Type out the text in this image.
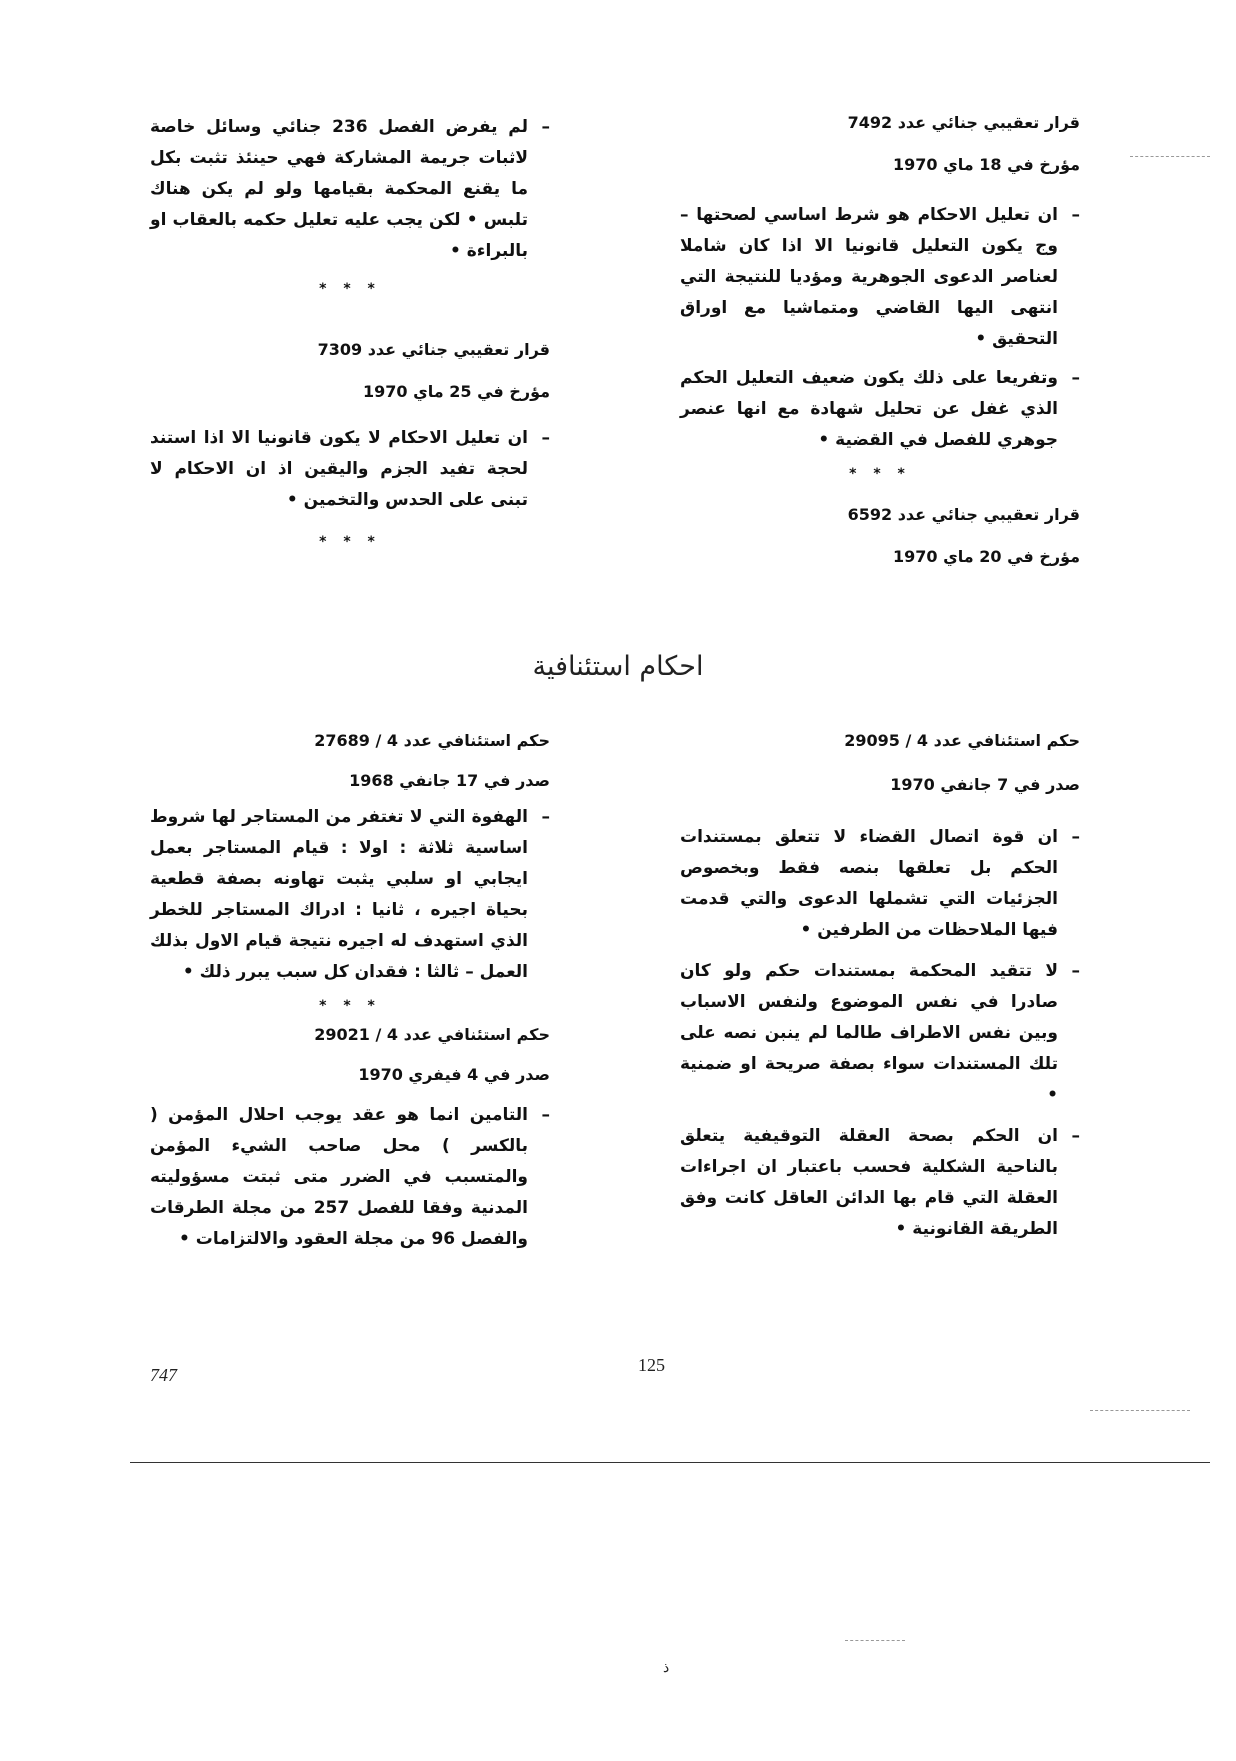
قرار تعقيبي جنائي عدد 7492

مؤرخ في 18 ماي 1970

– ان تعليل الاحكام هو شرط اساسي لصحتها – وج يكون التعليل قانونيا الا اذا كان شاملا لعناصر الدعوى الجوهرية ومؤديا للنتيجة التي انتهى اليها القاضي ومتماشيا مع اوراق التحقيق •

– وتفريعا على ذلك يكون ضعيف التعليل الحكم الذي غفل عن تحليل شهادة مع انها عنصر جوهري للفصل في القضية •

* * *

قرار تعقيبي جنائي عدد 6592

مؤرخ في 20 ماي 1970

– لم يفرض الفصل 236 جنائي وسائل خاصة لاثبات جريمة المشاركة فهي حينئذ تثبت بكل ما يقنع المحكمة بقيامها ولو لم يكن هناك تلبس • لكن يجب عليه تعليل حكمه بالعقاب او بالبراءة •

* * *

قرار تعقيبي جنائي عدد 7309

مؤرخ في 25 ماي 1970

– ان تعليل الاحكام لا يكون قانونيا الا اذا استند لحجة تفيد الجزم واليقين اذ ان الاحكام لا تبنى على الحدس والتخمين •

* * *

احكام استئنافية

حكم استئنافي عدد 4 / 29095

صدر في 7 جانفي 1970

– ان قوة اتصال القضاء لا تتعلق بمستندات الحكم بل تعلقها بنصه فقط وبخصوص الجزئيات التي تشملها الدعوى والتي قدمت فيها الملاحظات من الطرفين •

– لا تتقيد المحكمة بمستندات حكم ولو كان صادرا في نفس الموضوع ولنفس الاسباب وبين نفس الاطراف طالما لم ينبن نصه على تلك المستندات سواء بصفة صريحة او ضمنية •

– ان الحكم بصحة العقلة التوقيفية يتعلق بالناحية الشكلية فحسب باعتبار ان اجراءات العقلة التي قام بها الدائن العاقل كانت وفق الطريقة القانونية •

حكم استئنافي عدد 4 / 27689

صدر في 17 جانفي 1968

– الهفوة التي لا تغتفر من المستاجر لها شروط اساسية ثلاثة : اولا : قيام المستاجر بعمل ايجابي او سلبي يثبت تهاونه بصفة قطعية بحياة اجيره ، ثانيا : ادراك المستاجر للخطر الذي استهدف له اجيره نتيجة قيام الاول بذلك العمل – ثالثا : فقدان كل سبب يبرر ذلك •

* * *

حكم استئنافي عدد 4 / 29021

صدر في 4 فيفري 1970

– التامين انما هو عقد يوجب احلال المؤمن ( بالكسر ) محل صاحب الشيء المؤمن والمتسبب في الضرر متى ثبتت مسؤوليته المدنية وفقا للفصل 257 من مجلة الطرقات والفصل 96 من مجلة العقود والالتزامات •

747	125
ﺫ
